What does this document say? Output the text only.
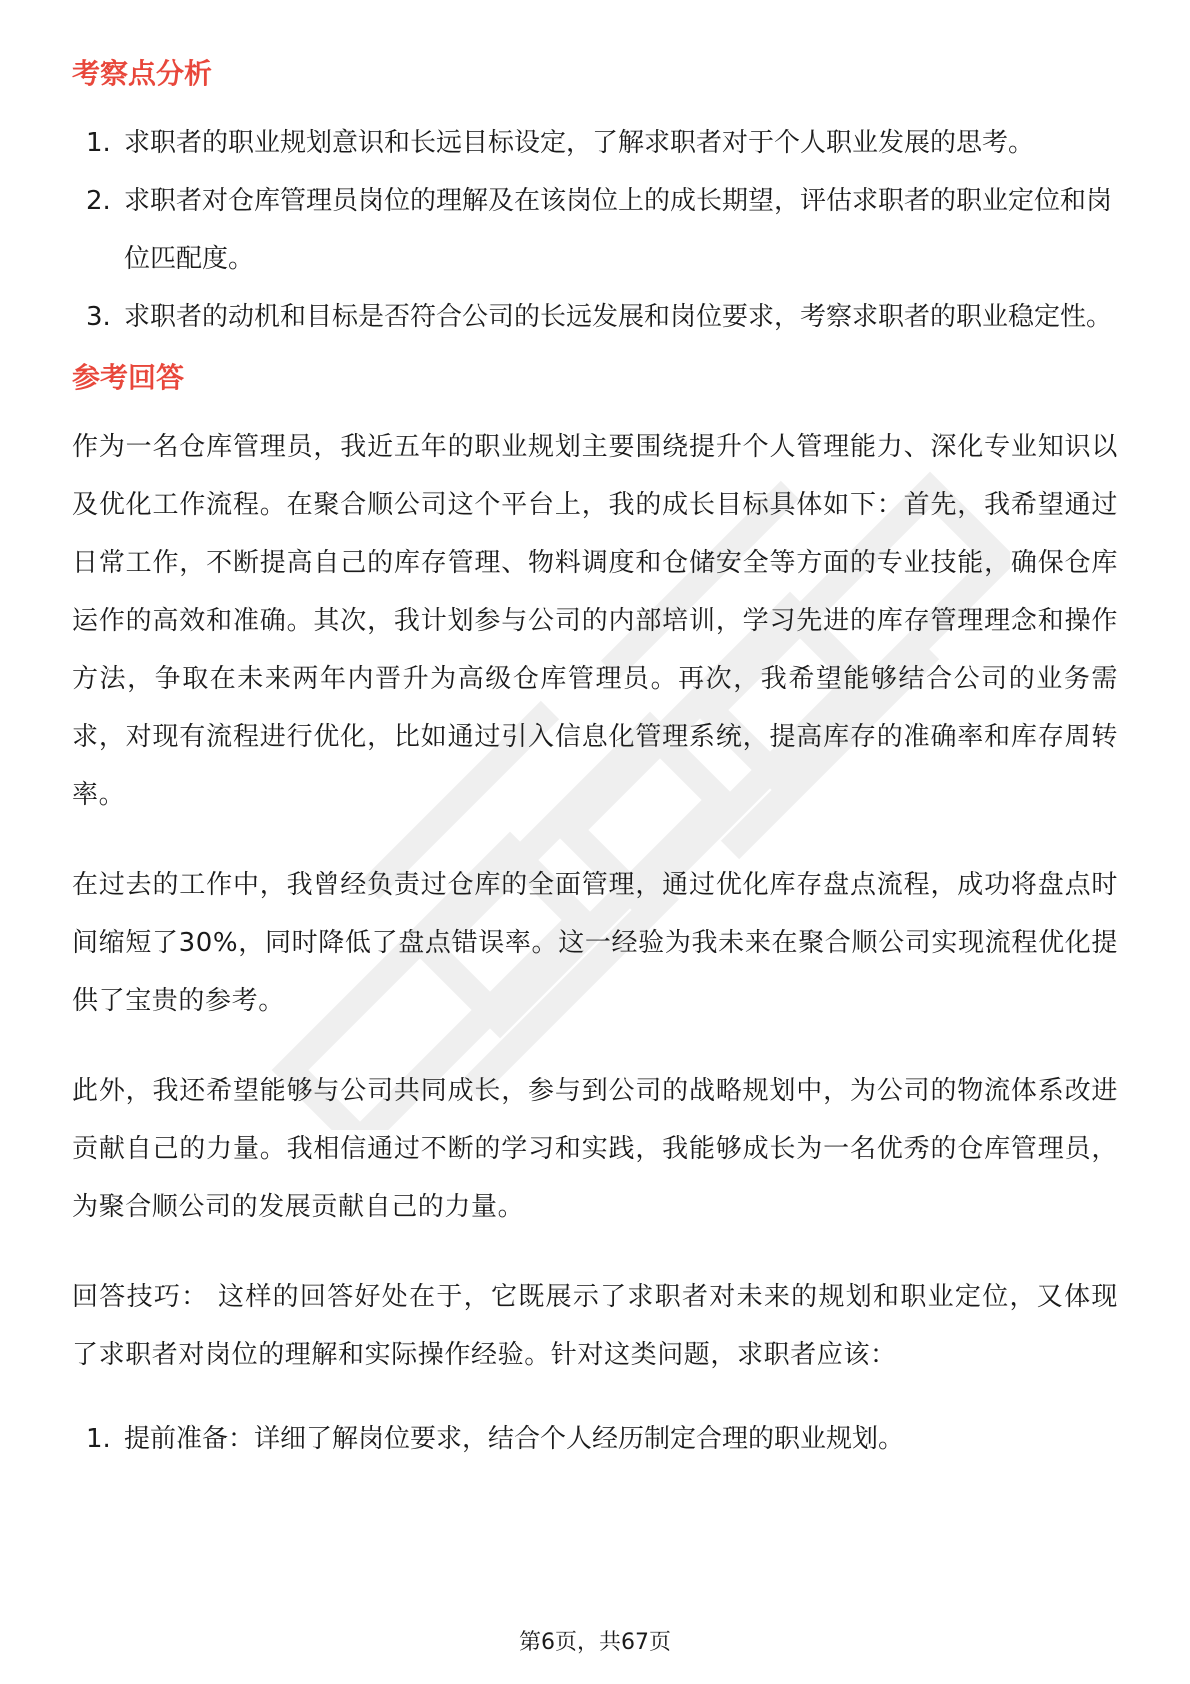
考察点分析
1. 求职者的职业规划意识和长远目标设定，了解求职者对于个人职业发展的思考。
2. 求职者对仓库管理员岗位的理解及在该岗位上的成长期望，评估求职者的职业定位和岗位匹配度。
3. 求职者的动机和目标是否符合公司的长远发展和岗位要求，考察求职者的职业稳定性。
参考回答

作为一名仓库管理员，我近五年的职业规划主要围绕提升个人管理能力、深化专业知识以及优化工作流程。在聚合顺公司这个平台上，我的成长目标具体如下：首先，我希望通过日常工作，不断提高自己的库存管理、物料调度和仓储安全等方面的专业技能，确保仓库运作的高效和准确。其次，我计划参与公司的内部培训，学习先进的库存管理理念和操作方法，争取在未来两年内晋升为高级仓库管理员。再次，我希望能够结合公司的业务需求，对现有流程进行优化，比如通过引入信息化管理系统，提高库存的准确率和库存周转率。

在过去的工作中，我曾经负责过仓库的全面管理，通过优化库存盘点流程，成功将盘点时间缩短了30%，同时降低了盘点错误率。这一经验为我未来在聚合顺公司实现流程优化提供了宝贵的参考。

此外，我还希望能够与公司共同成长，参与到公司的战略规划中，为公司的物流体系改进贡献自己的力量。我相信通过不断的学习和实践，我能够成长为一名优秀的仓库管理员，为聚合顺公司的发展贡献自己的力量。

回答技巧： 这样的回答好处在于，它既展示了求职者对未来的规划和职业定位，又体现了求职者对岗位的理解和实际操作经验。针对这类问题，求职者应该：

1. 提前准备：详细了解岗位要求，结合个人经历制定合理的职业规划。
第6页，共67页
